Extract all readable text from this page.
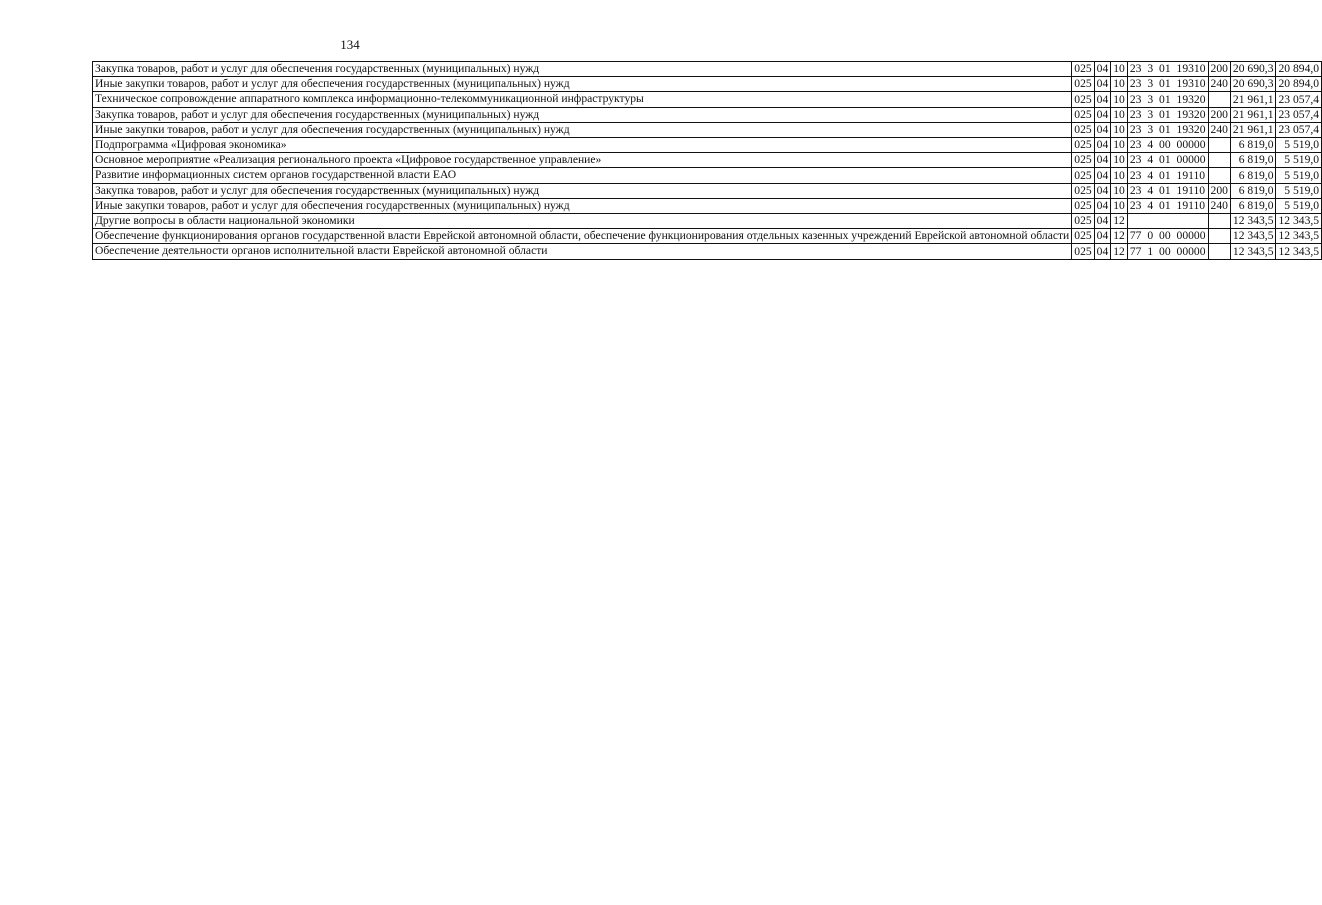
134
Закупка товаров, работ и услуг для обеспечения государственных (муниципальных) нужд	025	04	10	23 3 01 19310	200	20 690,3	20 894,0
Иные закупки товаров, работ и услуг для обеспечения государственных (муниципальных) нужд	025	04	10	23 3 01 19310	240	20 690,3	20 894,0
Техническое сопровождение аппаратного комплекса информационно-телекоммуникационной инфраструктуры	025	04	10	23 3 01 19320		21 961,1	23 057,4
Закупка товаров, работ и услуг для обеспечения государственных (муниципальных) нужд	025	04	10	23 3 01 19320	200	21 961,1	23 057,4
Иные закупки товаров, работ и услуг для обеспечения государственных (муниципальных) нужд	025	04	10	23 3 01 19320	240	21 961,1	23 057,4
Подпрограмма «Цифровая экономика»	025	04	10	23 4 00 00000		6 819,0	5 519,0
Основное мероприятие «Реализация регионального проекта «Цифровое государственное управление»	025	04	10	23 4 01 00000		6 819,0	5 519,0
Развитие информационных систем органов государственной власти ЕАО	025	04	10	23 4 01 19110		6 819,0	5 519,0
Закупка товаров, работ и услуг для обеспечения государственных (муниципальных) нужд	025	04	10	23 4 01 19110	200	6 819,0	5 519,0
Иные закупки товаров, работ и услуг для обеспечения государственных (муниципальных) нужд	025	04	10	23 4 01 19110	240	6 819,0	5 519,0
Другие вопросы в области национальной экономики	025	04	12			12 343,5	12 343,5
Обеспечение функционирования органов государственной власти Еврейской автономной области, обеспечение функционирования отдельных казенных учреждений Еврейской автономной области	025	04	12	77 0 00 00000		12 343,5	12 343,5
Обеспечение деятельности органов исполнительной власти Еврейской автономной области	025	04	12	77 1 00 00000		12 343,5	12 343,5
